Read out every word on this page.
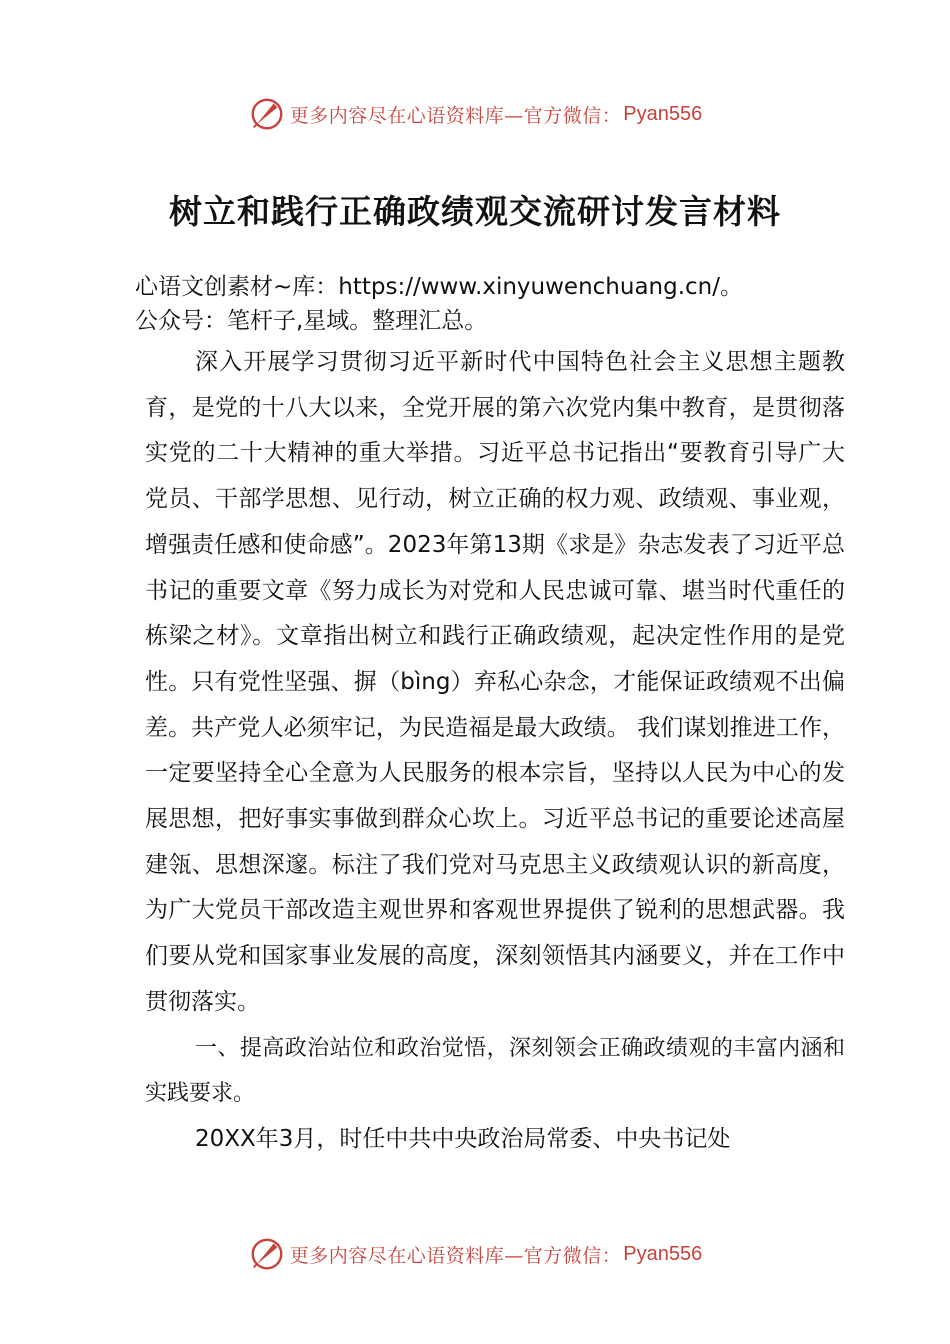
更多内容尽在心语资料库—官方微信： Pyan556
树立和践行正确政绩观交流研讨发言材料
心语文创素材~库：https://www.xinyuwenchuang.cn/。
公众号：笔杆子,星域。整理汇总。

深入开展学习贯彻习近平新时代中国特色社会主义思想主题教育，是党的十八大以来，全党开展的第六次党内集中教育，是贯彻落实党的二十大精神的重大举措。习近平总书记指出“要教育引导广大党员、干部学思想、见行动，树立正确的权力观、政绩观、事业观，增强责任感和使命感”。2023年第13期《求是》杂志发表了习近平总书记的重要文章《努力成长为对党和人民忠诚可靠、堪当时代重任的栋梁之材》。文章指出树立和践行正确政绩观，起决定性作用的是党性。只有党性坚强、摒（bìng）弃私心杂念，才能保证政绩观不出偏差。共产党人必须牢记，为民造福是最大政绩。 我们谋划推进工作，一定要坚持全心全意为人民服务的根本宗旨，坚持以人民为中心的发展思想，把好事实事做到群众心坎上。习近平总书记的重要论述高屋建瓴、思想深邃。标注了我们党对马克思主义政绩观认识的新高度，为广大党员干部改造主观世界和客观世界提供了锐利的思想武器。我们要从党和国家事业发展的高度，深刻领悟其内涵要义，并在工作中贯彻落实。

一、提高政治站位和政治觉悟，深刻领会正确政绩观的丰富内涵和实践要求。

20XX年3月，时任中共中央政治局常委、中央书记处

更多内容尽在心语资料库—官方微信： Pyan556
